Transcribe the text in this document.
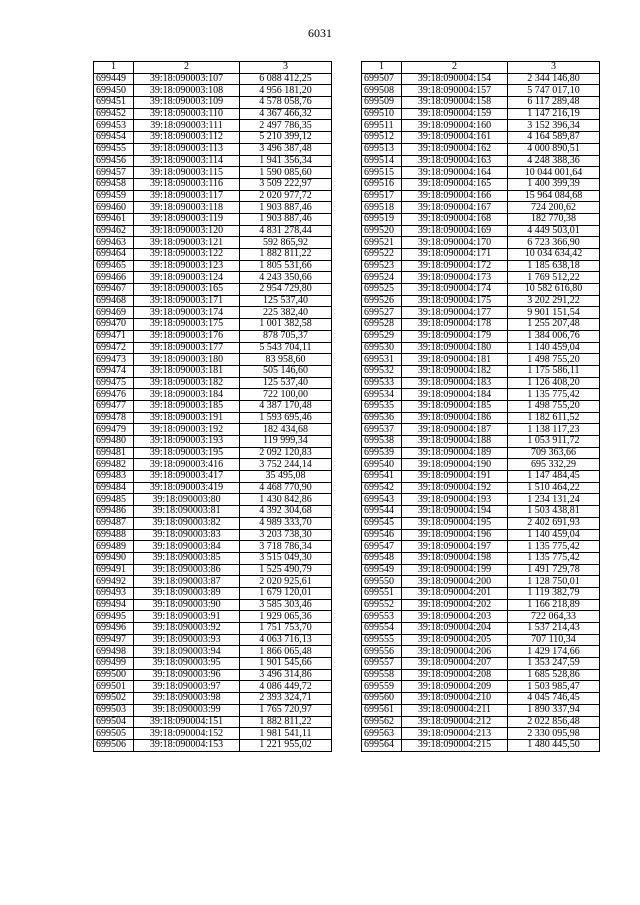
6031
1	2	3
699449	39:18:090003:107	6 088 412,25
699450	39:18:090003:108	4 956 181,20
699451	39:18:090003:109	4 578 058,76
699452	39:18:090003:110	4 367 466,32
699453	39:18:090003:111	2 497 786,35
699454	39:18:090003:112	5 210 399,12
699455	39:18:090003:113	3 496 387,48
699456	39:18:090003:114	1 941 356,34
699457	39:18:090003:115	1 590 085,60
699458	39:18:090003:116	3 509 222,97
699459	39:18:090003:117	2 020 977,72
699460	39:18:090003:118	1 903 887,46
699461	39:18:090003:119	1 903 887,46
699462	39:18:090003:120	4 831 278,44
699463	39:18:090003:121	592 865,92
699464	39:18:090003:122	1 882 811,22
699465	39:18:090003:123	1 805 531,66
699466	39:18:090003:124	4 243 350,66
699467	39:18:090003:165	2 954 729,80
699468	39:18:090003:171	125 537,40
699469	39:18:090003:174	225 382,40
699470	39:18:090003:175	1 001 382,58
699471	39:18:090003:176	878 705,37
699472	39:18:090003:177	5 543 704,11
699473	39:18:090003:180	83 958,60
699474	39:18:090003:181	505 146,60
699475	39:18:090003:182	125 537,40
699476	39:18:090003:184	722 100,00
699477	39:18:090003:185	4 387 170,48
699478	39:18:090003:191	1 593 695,46
699479	39:18:090003:192	182 434,68
699480	39:18:090003:193	119 999,34
699481	39:18:090003:195	2 092 120,83
699482	39:18:090003:416	3 752 244,14
699483	39:18:090003:417	35 495,08
699484	39:18:090003:419	4 468 770,90
699485	39:18:090003:80	1 430 842,86
699486	39:18:090003:81	4 392 304,68
699487	39:18:090003:82	4 989 333,70
699488	39:18:090003:83	3 203 738,30
699489	39:18:090003:84	3 718 786,34
699490	39:18:090003:85	3 515 049,30
699491	39:18:090003:86	1 525 490,79
699492	39:18:090003:87	2 020 925,61
699493	39:18:090003:89	1 679 120,01
699494	39:18:090003:90	3 585 303,46
699495	39:18:090003:91	1 929 065,36
699496	39:18:090003:92	1 751 753,70
699497	39:18:090003:93	4 063 716,13
699498	39:18:090003:94	1 866 065,48
699499	39:18:090003:95	1 901 545,66
699500	39:18:090003:96	3 496 314,86
699501	39:18:090003:97	4 086 449,72
699502	39:18:090003:98	2 393 324,71
699503	39:18:090003:99	1 765 720,97
699504	39:18:090004:151	1 882 811,22
699505	39:18:090004:152	1 981 541,11
699506	39:18:090004:153	1 221 955,02
1	2	3
699507	39:18:090004:154	2 344 146,80
699508	39:18:090004:157	5 747 017,10
699509	39:18:090004:158	6 117 289,48
699510	39:18:090004:159	1 147 216,19
699511	39:18:090004:160	3 152 396,34
699512	39:18:090004:161	4 164 589,87
699513	39:18:090004:162	4 000 890,51
699514	39:18:090004:163	4 248 388,36
699515	39:18:090004:164	10 044 001,64
699516	39:18:090004:165	1 400 399,39
699517	39:18:090004:166	15 964 084,68
699518	39:18:090004:167	724 200,62
699519	39:18:090004:168	182 770,38
699520	39:18:090004:169	4 449 503,01
699521	39:18:090004:170	6 723 366,90
699522	39:18:090004:171	10 034 634,42
699523	39:18:090004:172	1 185 638,18
699524	39:18:090004:173	1 769 512,22
699525	39:18:090004:174	10 582 616,80
699526	39:18:090004:175	3 202 291,22
699527	39:18:090004:177	9 901 151,54
699528	39:18:090004:178	1 255 207,48
699529	39:18:090004:179	1 384 006,76
699530	39:18:090004:180	1 140 459,04
699531	39:18:090004:181	1 498 755,20
699532	39:18:090004:182	1 175 586,11
699533	39:18:090004:183	1 126 408,20
699534	39:18:090004:184	1 135 775,42
699535	39:18:090004:185	1 498 755,20
699536	39:18:090004:186	1 182 611,52
699537	39:18:090004:187	1 138 117,23
699538	39:18:090004:188	1 053 911,72
699539	39:18:090004:189	709 363,66
699540	39:18:090004:190	695 332,29
699541	39:18:090004:191	1 147 484,45
699542	39:18:090004:192	1 510 464,22
699543	39:18:090004:193	1 234 131,24
699544	39:18:090004:194	1 503 438,81
699545	39:18:090004:195	2 402 691,93
699546	39:18:090004:196	1 140 459,04
699547	39:18:090004:197	1 135 775,42
699548	39:18:090004:198	1 135 775,42
699549	39:18:090004:199	1 491 729,78
699550	39:18:090004:200	1 128 750,01
699551	39:18:090004:201	1 119 382,79
699552	39:18:090004:202	1 166 218,89
699553	39:18:090004:203	722 064,33
699554	39:18:090004:204	1 537 214,43
699555	39:18:090004:205	707 110,34
699556	39:18:090004:206	1 429 174,66
699557	39:18:090004:207	1 353 247,59
699558	39:18:090004:208	1 685 528,86
699559	39:18:090004:209	1 503 985,47
699560	39:18:090004:210	4 045 746,45
699561	39:18:090004:211	1 890 337,94
699562	39:18:090004:212	2 022 856,48
699563	39:18:090004:213	2 330 095,98
699564	39:18:090004:215	1 480 445,50
